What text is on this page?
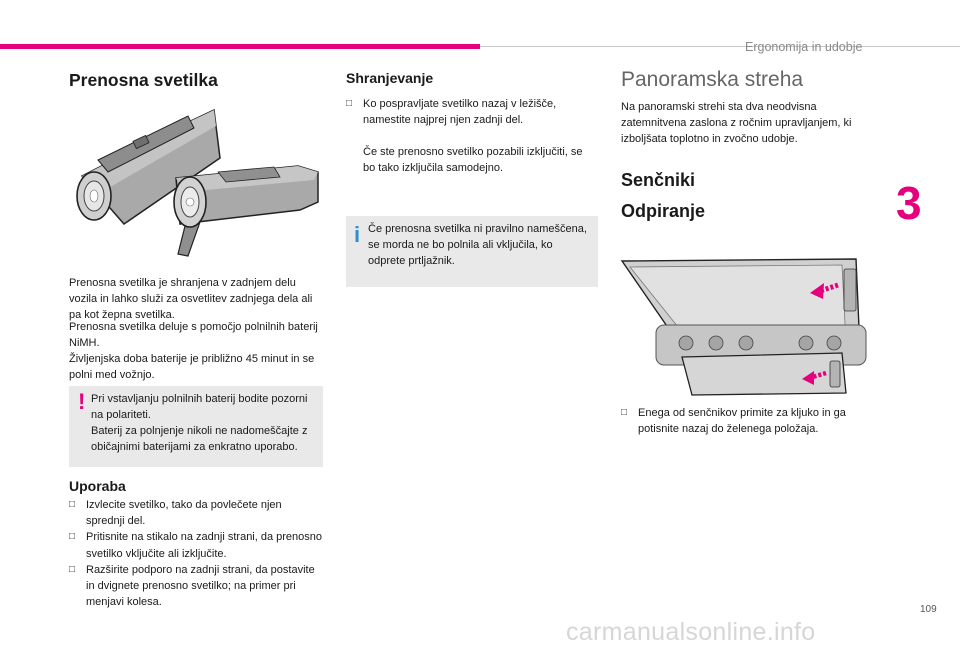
Ergonomija in udobje
3
Prenosna svetilka
Prenosna svetilka je shranjena v zadnjem delu vozila in lahko služi za osvetlitev zadnjega dela ali pa kot žepna svetilka.
Prenosna svetilka deluje s pomočjo polnilnih baterij NiMH.
Življenjska doba baterije je približno 45 minut in se polni med vožnjo.
! Pri vstavljanju polnilnih baterij bodite pozorni na polariteti.
Baterij za polnjenje nikoli ne nadomeščajte z običajnimi baterijami za enkratno uporabo.
Uporaba
□ Izvlecite svetilko, tako da povlečete njen sprednji del.
□ Pritisnite na stikalo na zadnji strani, da prenosno svetilko vključite ali izključite.
□ Razširite podporo na zadnji strani, da postavite in dvignete prenosno svetilko; na primer pri menjavi kolesa.
Shranjevanje
□ Ko pospravljate svetilko nazaj v ležišče, namestite najprej njen zadnji del.
Če ste prenosno svetilko pozabili izključiti, se bo tako izključila samodejno.
i Če prenosna svetilka ni pravilno nameščena, se morda ne bo polnila ali vključila, ko odprete prtljažnik.
Panoramska streha
Na panoramski strehi sta dva neodvisna zatemnitvena zaslona z ročnim upravljanjem, ki izboljšata toplotno in zvočno udobje.
Senčniki
Odpiranje
□ Enega od senčnikov primite za kljuko in ga potisnite nazaj do želenega položaja.
109
carmanualsonline.info
